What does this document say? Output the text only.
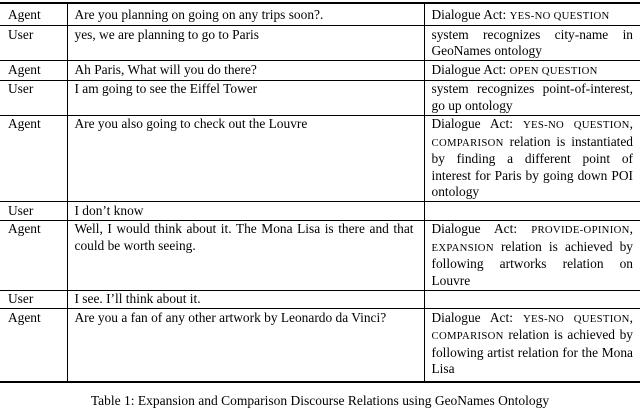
Agent	Are you planning on going on any trips soon?.	Dialogue Act: YES-NO QUESTION
User	yes, we are planning to go to Paris	system recognizes city-name in GeoNames ontology
Agent	Ah Paris, What will you do there?	Dialogue Act: OPEN QUESTION
User	I am going to see the Eiffel Tower	system recognizes point-of-interest, go up ontology
Agent	Are you also going to check out the Louvre	Dialogue Act: YES-NO QUESTION, COMPARISON relation is instantiated by finding a different point of interest for Paris by going down POI ontology
User	I don’t know	
Agent	Well, I would think about it. The Mona Lisa is there and that could be worth seeing.	Dialogue Act: PROVIDE-OPINION, EXPANSION relation is achieved by following artworks relation on Louvre
User	I see. I’ll think about it.	
Agent	Are you a fan of any other artwork by Leonardo da Vinci?	Dialogue Act: YES-NO QUESTION, COMPARISON relation is achieved by following artist relation for the Mona Lisa
Table 1: Expansion and Comparison Discourse Relations using GeoNames Ontology
